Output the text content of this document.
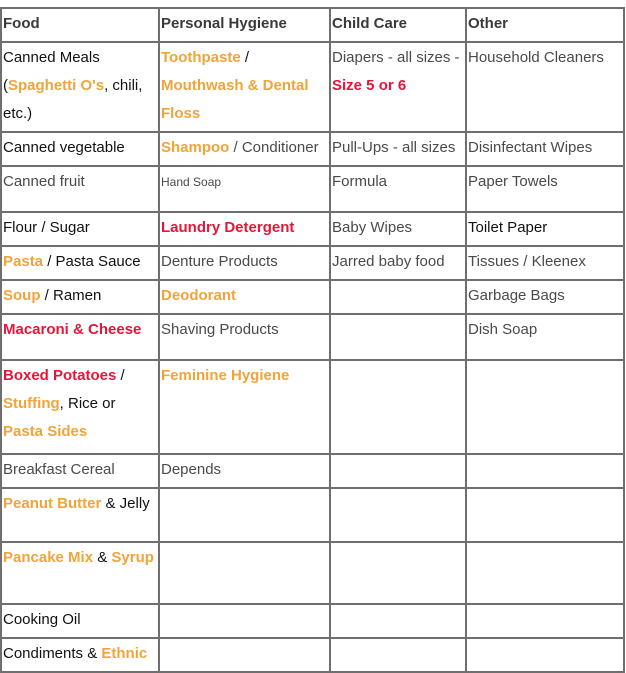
Food	Personal Hygiene	Child Care	Other
Canned Meals (Spaghetti O's, chili, etc.)	Toothpaste / Mouthwash & Dental Floss	Diapers - all sizes - Size 5 or 6	Household Cleaners
Canned vegetable	Shampoo / Conditioner	Pull-Ups - all sizes	Disinfectant Wipes
Canned fruit	Hand Soap	Formula	Paper Towels
Flour / Sugar	Laundry Detergent	Baby Wipes	Toilet Paper
Pasta / Pasta Sauce	Denture Products	Jarred baby food	Tissues / Kleenex
Soup / Ramen	Deodorant		Garbage Bags
Macaroni & Cheese	Shaving Products		Dish Soap
Boxed Potatoes / Stuffing, Rice or Pasta Sides	Feminine Hygiene		
Breakfast Cereal	Depends		
Peanut Butter & Jelly			
Pancake Mix & Syrup			
Cooking Oil			
Condiments & Ethnic			
